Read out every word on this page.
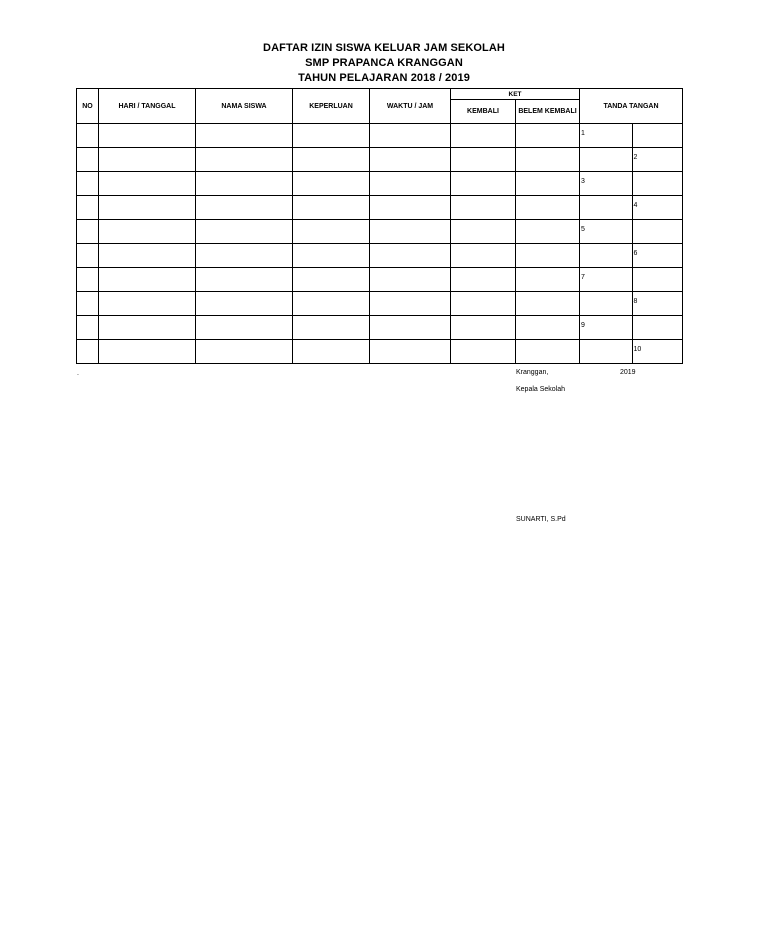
DAFTAR IZIN SISWA KELUAR JAM SEKOLAH
SMP PRAPANCA KRANGGAN
TAHUN PELAJARAN 2018 / 2019
NO	HARI / TANGGAL	NAMA SISWA	KEPERLUAN	WAKTU / JAM	KET		TANDA TANGAN	
					KEMBALI	BELEM KEMBALI		

							1	

								2

							3	

								4

							5	

								6

							7	

								8

							9	

								10
.	Kranggan,	2019
Kepala Sekolah
SUNARTI, S.Pd
